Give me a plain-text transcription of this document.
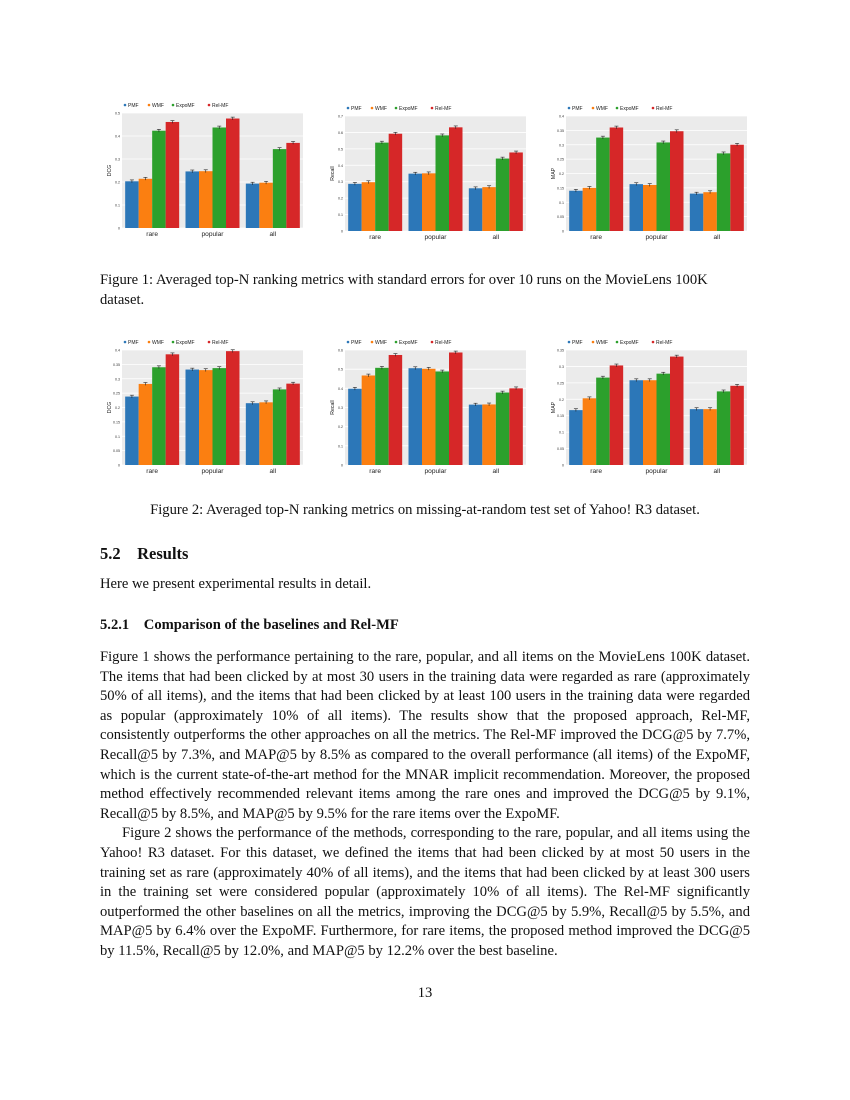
0
0.1
0.2
0.3
0.4
0.5
DCG
PMF	WMF ExpoMF	Rel-MF
rare	popular	all	0
0.1
0.2
0.3
0.4
0.5
0.6
0.7
Recall
PMF	WMF ExpoMF	Rel-MF
rare	popular	all
0
0.05
0.1
0.15
0.2
0.25
0.3
0.35
0.4
MAP
PMF	WMF ExpoMF	Rel-MF
rare	popular	all
Figure 1: Averaged top-N ranking metrics with standard errors for over 10 runs on the MovieLens 100K dataset.
0
0.05
0.1
0.15
0.2
0.25
0.3
0.35
0.4
DCG
PMF	WMF ExpoMF	Rel-MF
rare	popular	all
0
0.1
0.2
0.3
0.4
0.5
0.6
Recall
PMF	WMF ExpoMF	Rel-MF
rare	popular	all
0
0.05
0.1
0.15
0.2
0.25
0.3
0.35
MAP
PMF	WMF ExpoMF	Rel-MF
rare	popular	all
Figure 2: Averaged top-N ranking metrics on missing-at-random test set of Yahoo! R3 dataset.
5.2 Results
Here we present experimental results in detail.
5.2.1 Comparison of the baselines and Rel-MF

Figure 1 shows the performance pertaining to the rare, popular, and all items on the MovieLens 100K dataset. The items that had been clicked by at most 30 users in the training data were regarded as rare (approximately 50% of all items), and the items that had been clicked by at least 100 users in the training data were regarded as popular (approximately 10% of all items). The results show that the proposed approach, Rel-MF, consistently outperforms the other approaches on all the metrics. The Rel-MF improved the DCG@5 by 7.7%, Recall@5 by 7.3%, and MAP@5 by 8.5% as compared to the overall performance (all items) of the ExpoMF, which is the current state-of-the-art method for the MNAR implicit recommendation. Moreover, the proposed method effectively recommended relevant items among the rare ones and improved the DCG@5 by 9.1%, Recall@5 by 8.5%, and MAP@5 by 9.5% for the rare items over the ExpoMF.

Figure 2 shows the performance of the methods, corresponding to the rare, popular, and all items using the Yahoo! R3 dataset. For this dataset, we defined the items that had been clicked by at most 50 users in the training set as rare (approximately 40% of all items), and the items that had been clicked by at least 300 users in the training set were considered popular (approximately 10% of all items). The Rel-MF significantly outperformed the other baselines on all the metrics, improving the DCG@5 by 5.9%, Recall@5 by 5.5%, and MAP@5 by 6.4% over the ExpoMF. Furthermore, for rare items, the proposed method improved the DCG@5 by 11.5%, Recall@5 by 12.0%, and MAP@5 by 12.2% over the best baseline.

13
